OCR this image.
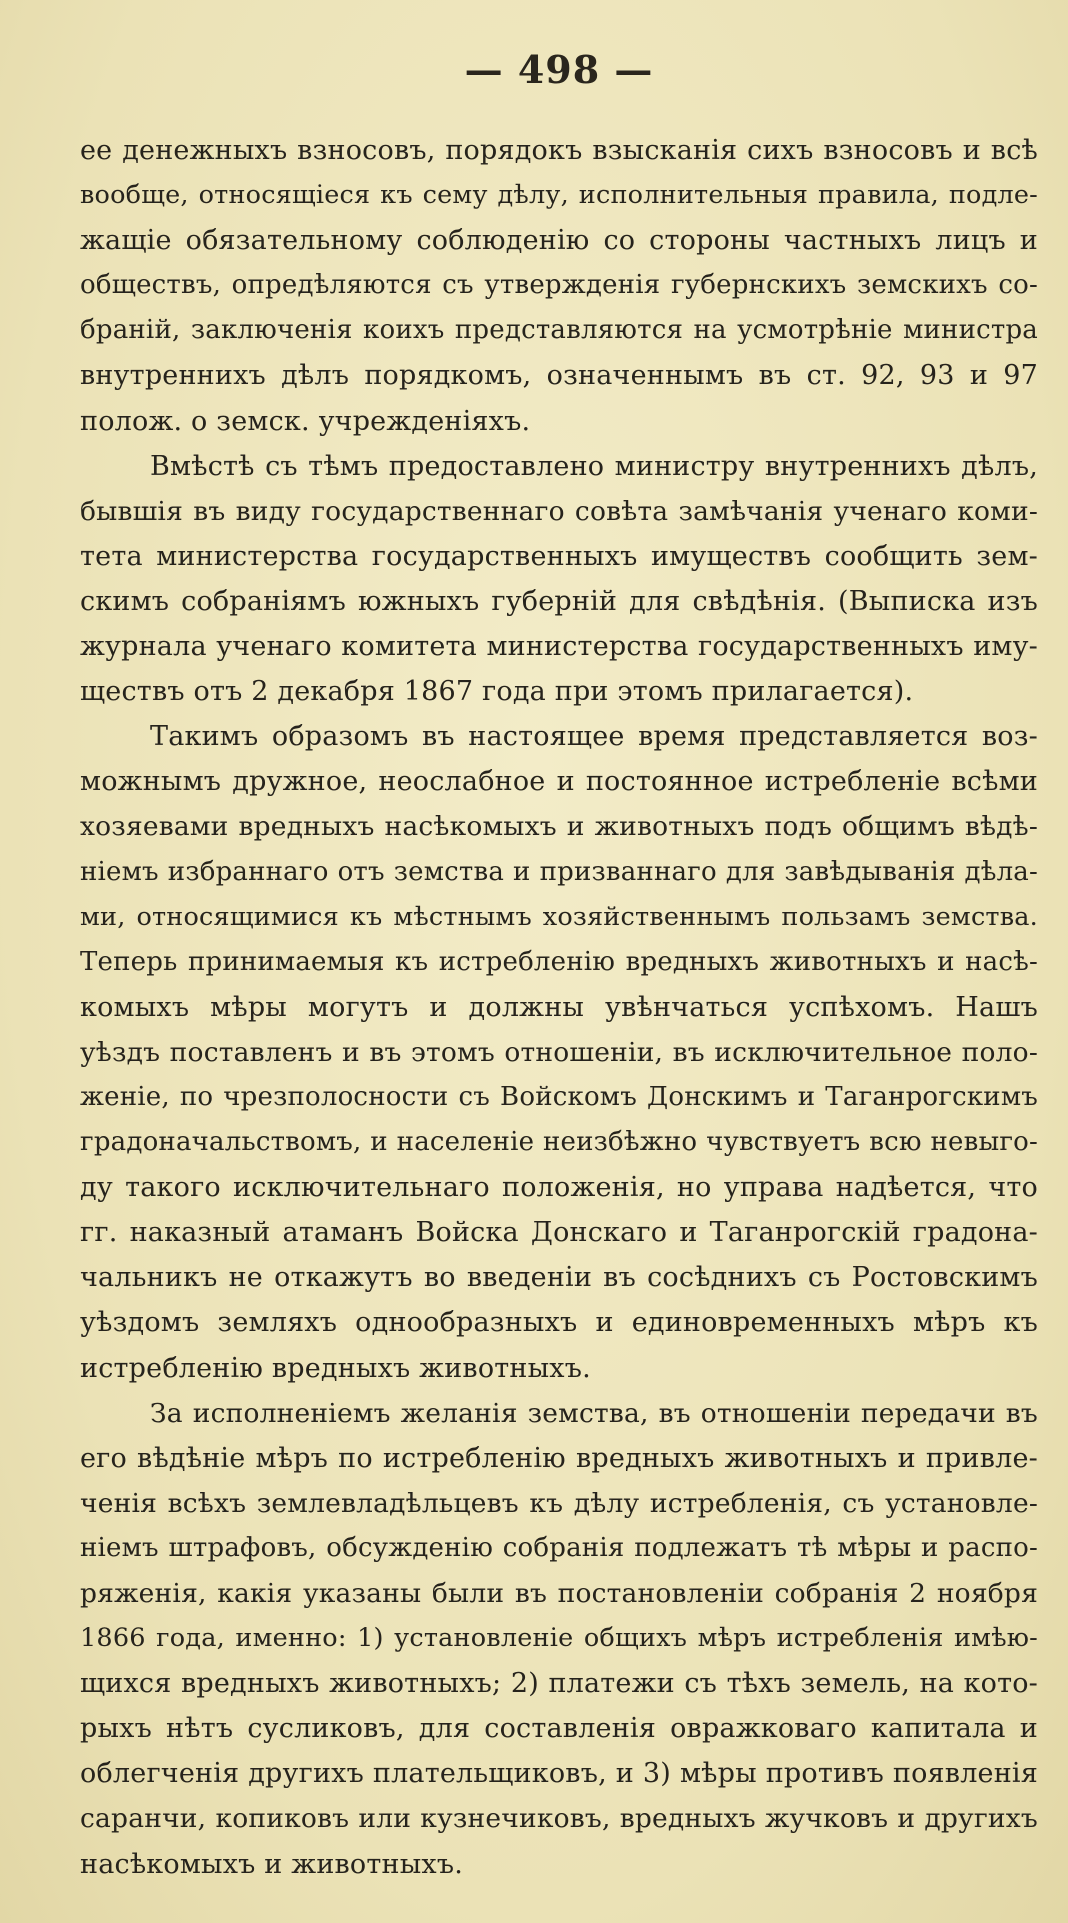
— 498 —
ее денежныхъ взносовъ, порядокъ взысканія сихъ взносовъ и всѣ
вообще, относящіеся къ сему дѣлу, исполнительныя правила, подле-
жащіе обязательному соблюденію со стороны частныхъ лицъ и
обществъ, опредѣляются съ утвержденія губернскихъ земскихъ со-
браній, заключенія коихъ представляются на усмотрѣніе министра
внутреннихъ дѣлъ порядкомъ, означеннымъ въ ст. 92, 93 и 97
полож. о земск. учрежденіяхъ.
Вмѣстѣ съ тѣмъ предоставлено министру внутреннихъ дѣлъ,
бывшія въ виду государственнаго совѣта замѣчанія ученаго коми-
тета министерства государственныхъ имуществъ сообщить зем-
скимъ собраніямъ южныхъ губерній для свѣдѣнія. (Выписка изъ
журнала ученаго комитета министерства государственныхъ иму-
ществъ отъ 2 декабря 1867 года при этомъ прилагается).
Такимъ образомъ въ настоящее время представляется воз-
можнымъ дружное, неослабное и постоянное истребленіе всѣми
хозяевами вредныхъ насѣкомыхъ и животныхъ подъ общимъ вѣдѣ-
ніемъ избраннаго отъ земства и призваннаго для завѣдыванія дѣла-
ми, относящимися къ мѣстнымъ хозяйственнымъ пользамъ земства.
Теперь принимаемыя къ истребленію вредныхъ животныхъ и насѣ-
комыхъ мѣры могутъ и должны увѣнчаться успѣхомъ. Нашъ
уѣздъ поставленъ и въ этомъ отношеніи, въ исключительное поло-
женіе, по чрезполосности съ Войскомъ Донскимъ и Таганрогскимъ
градоначальствомъ, и населеніе неизбѣжно чувствуетъ всю невыго-
ду такого исключительнаго положенія, но управа надѣется, что
гг. наказный атаманъ Войска Донскаго и Таганрогскій градона-
чальникъ не откажутъ во введеніи въ сосѣднихъ съ Ростовскимъ
уѣздомъ земляхъ однообразныхъ и единовременныхъ мѣръ къ
истребленію вредныхъ животныхъ.
За исполненіемъ желанія земства, въ отношеніи передачи въ
его вѣдѣніе мѣръ по истребленію вредныхъ животныхъ и привле-
ченія всѣхъ землевладѣльцевъ къ дѣлу истребленія, съ установле-
ніемъ штрафовъ, обсужденію собранія подлежатъ тѣ мѣры и распо-
ряженія, какія указаны были въ постановленіи собранія 2 ноября
1866 года, именно: 1) установленіе общихъ мѣръ истребленія имѣю-
щихся вредныхъ животныхъ; 2) платежи съ тѣхъ земель, на кото-
рыхъ нѣтъ сусликовъ, для составленія овражковаго капитала и
облегченія другихъ плательщиковъ, и 3) мѣры противъ появленія
саранчи, копиковъ или кузнечиковъ, вредныхъ жучковъ и другихъ
насѣкомыхъ и животныхъ.
